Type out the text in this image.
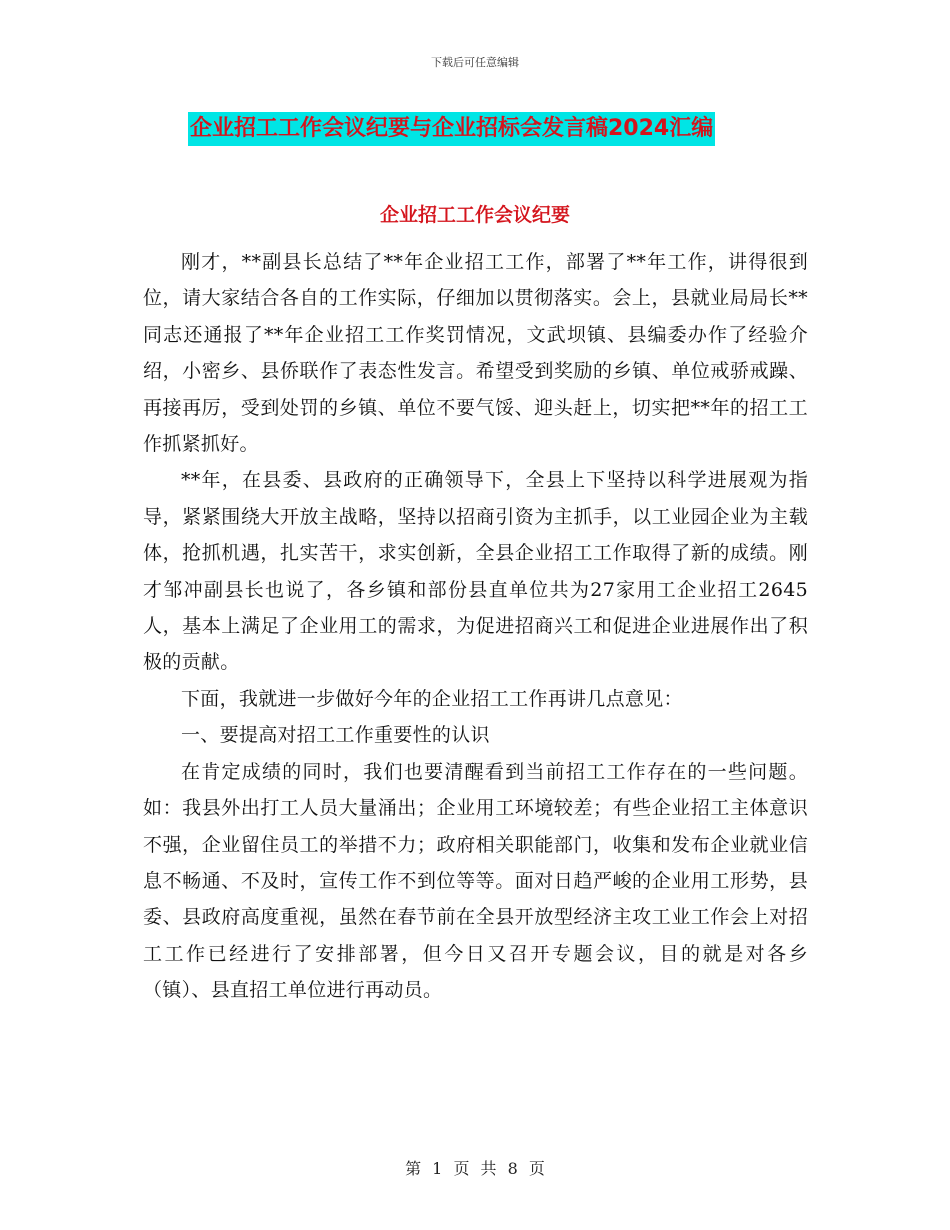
下载后可任意编辑
企业招工工作会议纪要与企业招标会发言稿2024汇编
企业招工工作会议纪要

刚才，**副县长总结了**年企业招工工作，部署了**年工作，讲得很到位，请大家结合各自的工作实际，仔细加以贯彻落实。会上，县就业局局长**同志还通报了**年企业招工工作奖罚情况，文武坝镇、县编委办作了经验介绍，小密乡、县侨联作了表态性发言。希望受到奖励的乡镇、单位戒骄戒躁、再接再厉，受到处罚的乡镇、单位不要气馁、迎头赶上，切实把**年的招工工作抓紧抓好。

**年，在县委、县政府的正确领导下，全县上下坚持以科学进展观为指导，紧紧围绕大开放主战略，坚持以招商引资为主抓手，以工业园企业为主载体，抢抓机遇，扎实苦干，求实创新，全县企业招工工作取得了新的成绩。刚才邹冲副县长也说了，各乡镇和部份县直单位共为27家用工企业招工2645人，基本上满足了企业用工的需求，为促进招商兴工和促进企业进展作出了积极的贡献。

下面，我就进一步做好今年的企业招工工作再讲几点意见：

一、要提高对招工工作重要性的认识

在肯定成绩的同时，我们也要清醒看到当前招工工作存在的一些问题。如：我县外出打工人员大量涌出；企业用工环境较差；有些企业招工主体意识不强，企业留住员工的举措不力；政府相关职能部门，收集和发布企业就业信息不畅通、不及时，宣传工作不到位等等。面对日趋严峻的企业用工形势，县委、县政府高度重视，虽然在春节前在全县开放型经济主攻工业工作会上对招工工作已经进行了安排部署，但今日又召开专题会议，目的就是对各乡（镇）、县直招工单位进行再动员。

第 1 页 共 8 页
